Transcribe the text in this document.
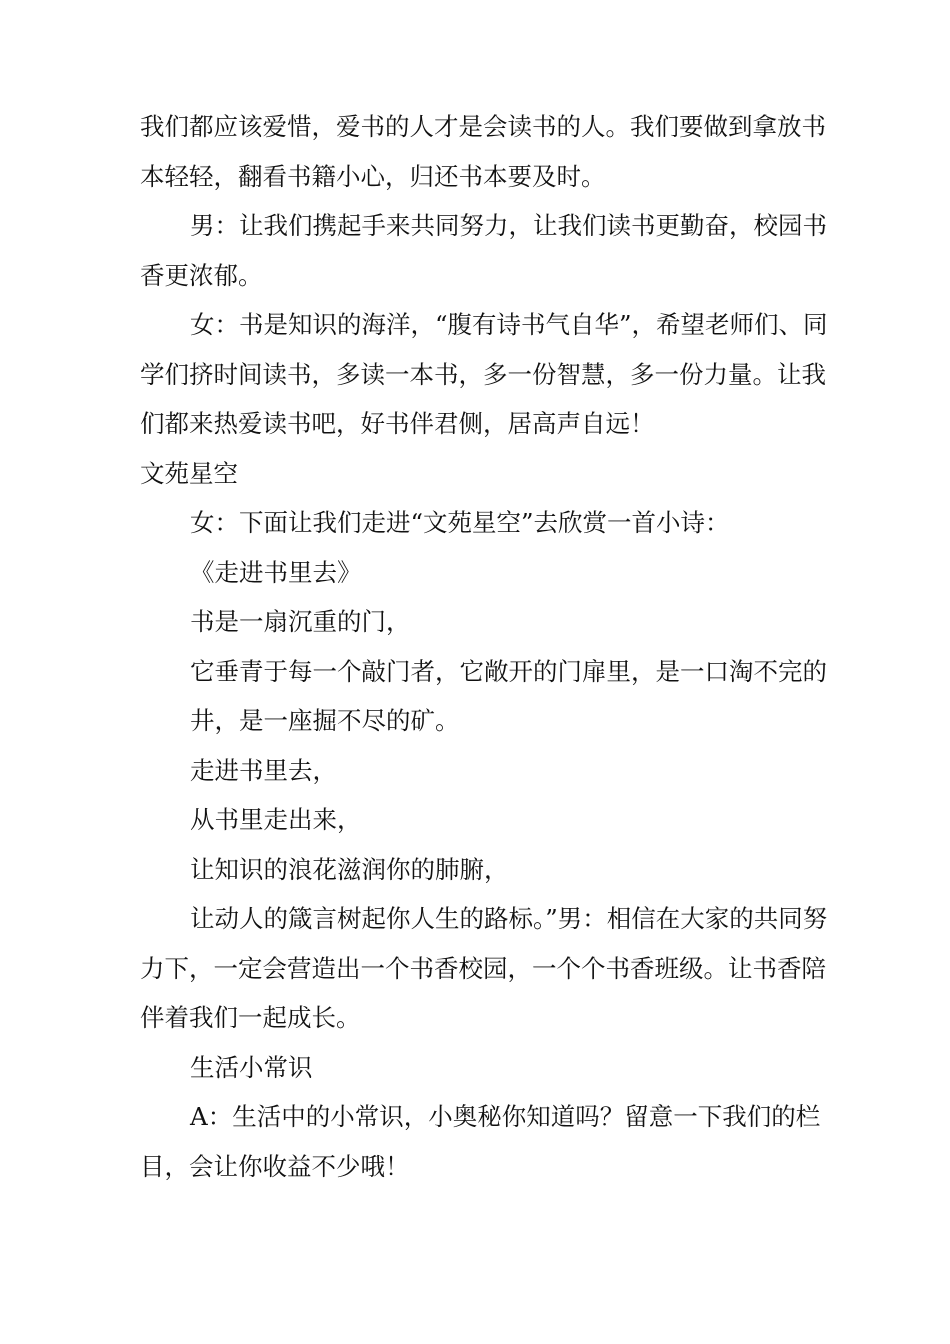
我们都应该爱惜，爱书的人才是会读书的人。我们要做到拿放书本轻轻，翻看书籍小心，归还书本要及时。

男：让我们携起手来共同努力，让我们读书更勤奋，校园书香更浓郁。

女：书是知识的海洋，“腹有诗书气自华”，希望老师们、同学们挤时间读书，多读一本书，多一份智慧，多一份力量。让我们都来热爱读书吧，好书伴君侧，居高声自远！

文苑星空

女：下面让我们走进“文苑星空”去欣赏一首小诗：

《走进书里去》

书是一扇沉重的门，

它垂青于每一个敲门者，它敞开的门扉里，是一口淘不完的井，是一座掘不尽的矿。

走进书里去，

从书里走出来，

让知识的浪花滋润你的肺腑，

让动人的箴言树起你人生的路标。”男：相信在大家的共同努力下，一定会营造出一个书香校园，一个个书香班级。让书香陪伴着我们一起成长。

生活小常识

A：生活中的小常识，小奥秘你知道吗？留意一下我们的栏目，会让你收益不少哦！
